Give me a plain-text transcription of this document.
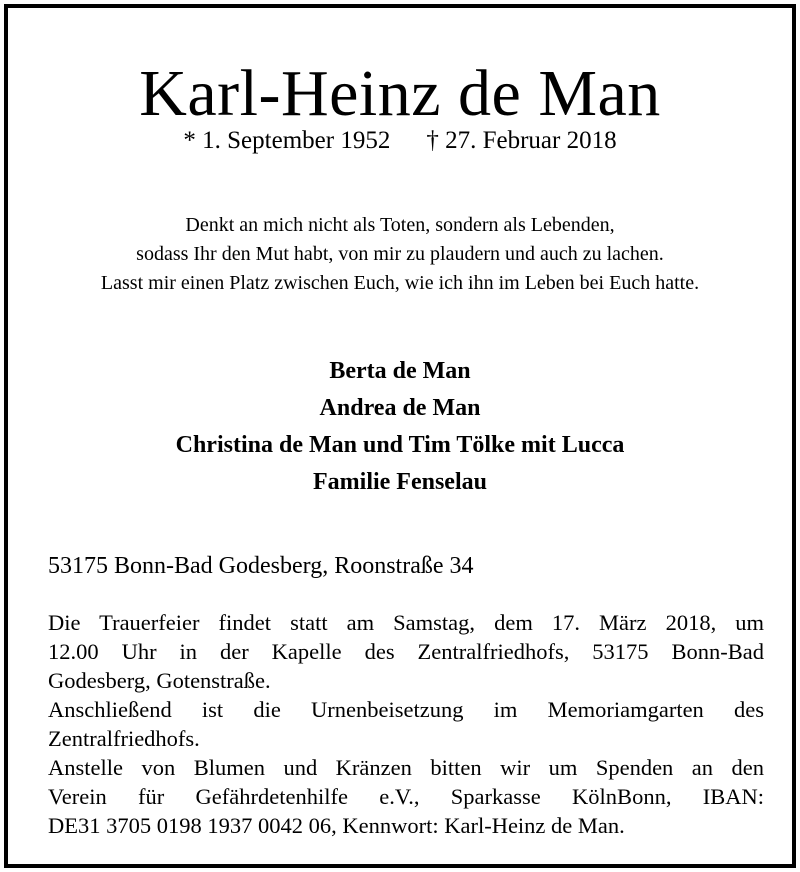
Karl-Heinz de Man
* 1. September 1952 † 27. Februar 2018
Denkt an mich nicht als Toten, sondern als Lebenden,
sodass Ihr den Mut habt, von mir zu plaudern und auch zu lachen.
Lasst mir einen Platz zwischen Euch, wie ich ihn im Leben bei Euch hatte.
Berta de Man
Andrea de Man
Christina de Man und Tim Tölke mit Lucca
Familie Fenselau
53175 Bonn-Bad Godesberg, Roonstraße 34
Die Trauerfeier findet statt am Samstag, dem 17. März 2018, um
12.00 Uhr in der Kapelle des Zentralfriedhofs, 53175 Bonn-Bad
Godesberg, Gotenstraße.
Anschließend ist die Urnenbeisetzung im Memoriamgarten des
Zentralfriedhofs.
Anstelle von Blumen und Kränzen bitten wir um Spenden an den
Verein für Gefährdetenhilfe e.V., Sparkasse KölnBonn, IBAN:
DE31 3705 0198 1937 0042 06, Kennwort: Karl-Heinz de Man.
